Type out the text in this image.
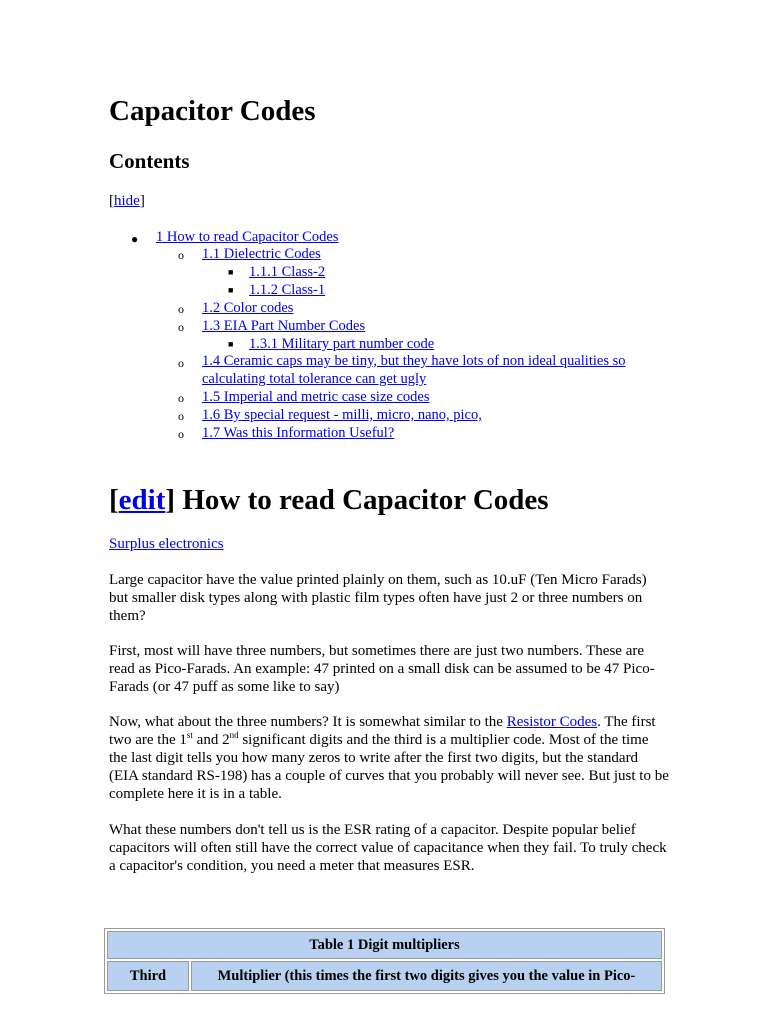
Capacitor Codes
Contents
[hide]
● 1 How to read Capacitor Codes
o 1.1 Dielectric Codes
■ 1.1.1 Class-2
■ 1.1.2 Class-1
o 1.2 Color codes
o 1.3 EIA Part Number Codes
■ 1.3.1 Military part number code
o 1.4 Ceramic caps may be tiny, but they have lots of non ideal qualities so
calculating total tolerance can get ugly
o 1.5 Imperial and metric case size codes
o 1.6 By special request - milli, micro, nano, pico,
o 1.7 Was this Information Useful?
[edit] How to read Capacitor Codes

Surplus electronics

Large capacitor have the value printed plainly on them, such as 10.uF (Ten Micro Farads) but smaller disk types along with plastic film types often have just 2 or three numbers on them?

First, most will have three numbers, but sometimes there are just two numbers. These are read as Pico-Farads. An example: 47 printed on a small disk can be assumed to be 47 Pico-Farads (or 47 puff as some like to say)

Now, what about the three numbers? It is somewhat similar to the Resistor Codes. The first two are the 1st and 2nd significant digits and the third is a multiplier code. Most of the time the last digit tells you how many zeros to write after the first two digits, but the standard (EIA standard RS-198) has a couple of curves that you probably will never see. But just to be complete here it is in a table.

What these numbers don't tell us is the ESR rating of a capacitor. Despite popular belief capacitors will often still have the correct value of capacitance when they fail. To truly check a capacitor's condition, you need a meter that measures ESR.

Table 1 Digit multipliers
Third	Multiplier (this times the first two digits gives you the value in Pico-
